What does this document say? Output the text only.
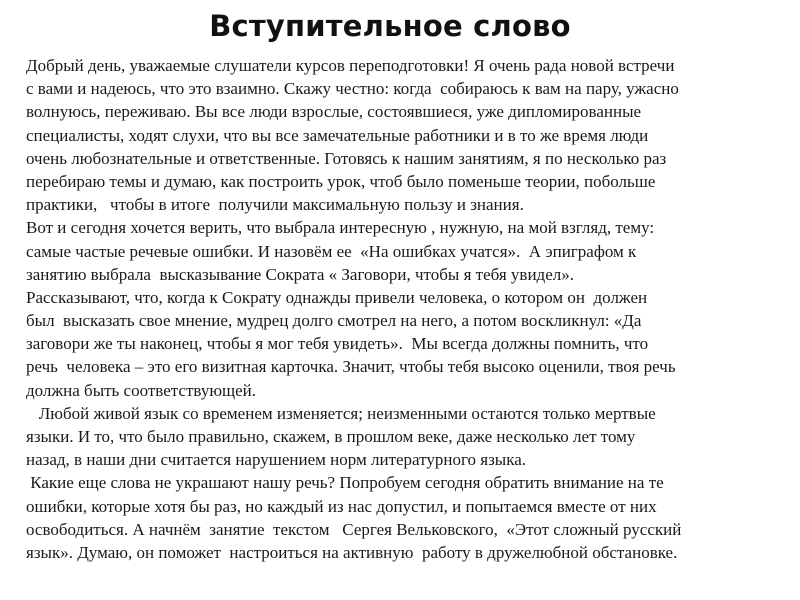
Вступительное слово
Добрый день, уважаемые слушатели курсов переподготовки! Я очень рада новой встречи
с вами и надеюсь, что это взаимно. Скажу честно: когда  собираюсь к вам на пару, ужасно
волнуюсь, переживаю. Вы все люди взрослые, состоявшиеся, уже дипломированные
специалисты, ходят слухи, что вы все замечательные работники и в то же время люди
очень любознательные и ответственные. Готовясь к нашим занятиям, я по несколько раз
перебираю темы и думаю, как построить урок, чтоб было поменьше теории, побольше
практики,   чтобы в итоге  получили максимальную пользу и знания.
Вот и сегодня хочется верить, что выбрала интересную , нужную, на мой взгляд, тему:
самые частые речевые ошибки. И назовём ее  «На ошибках учатся».  А эпиграфом к
занятию выбрала  высказывание Сократа « Заговори, чтобы я тебя увидел».
Рассказывают, что, когда к Сократу однажды привели человека, о котором он  должен
был  высказать свое мнение, мудрец долго смотрел на него, а потом воскликнул: «Да
заговори же ты наконец, чтобы я мог тебя увидеть».  Мы всегда должны помнить, что
речь  человека – это его визитная карточка. Значит, чтобы тебя высоко оценили, твоя речь
должна быть соответствующей.
Любой живой язык со временем изменяется; неизменными остаются только мертвые
языки. И то, что было правильно, скажем, в прошлом веке, даже несколько лет тому
назад, в наши дни считается нарушением норм литературного языка.
Какие еще слова не украшают нашу речь? Попробуем сегодня обратить внимание на те
ошибки, которые хотя бы раз, но каждый из нас допустил, и попытаемся вместе от них
освободиться. А начнём  занятие  текстом   Сергея Вельковского,  «Этот сложный русский
язык». Думаю, он поможет  настроиться на активную  работу в дружелюбной обстановке.
